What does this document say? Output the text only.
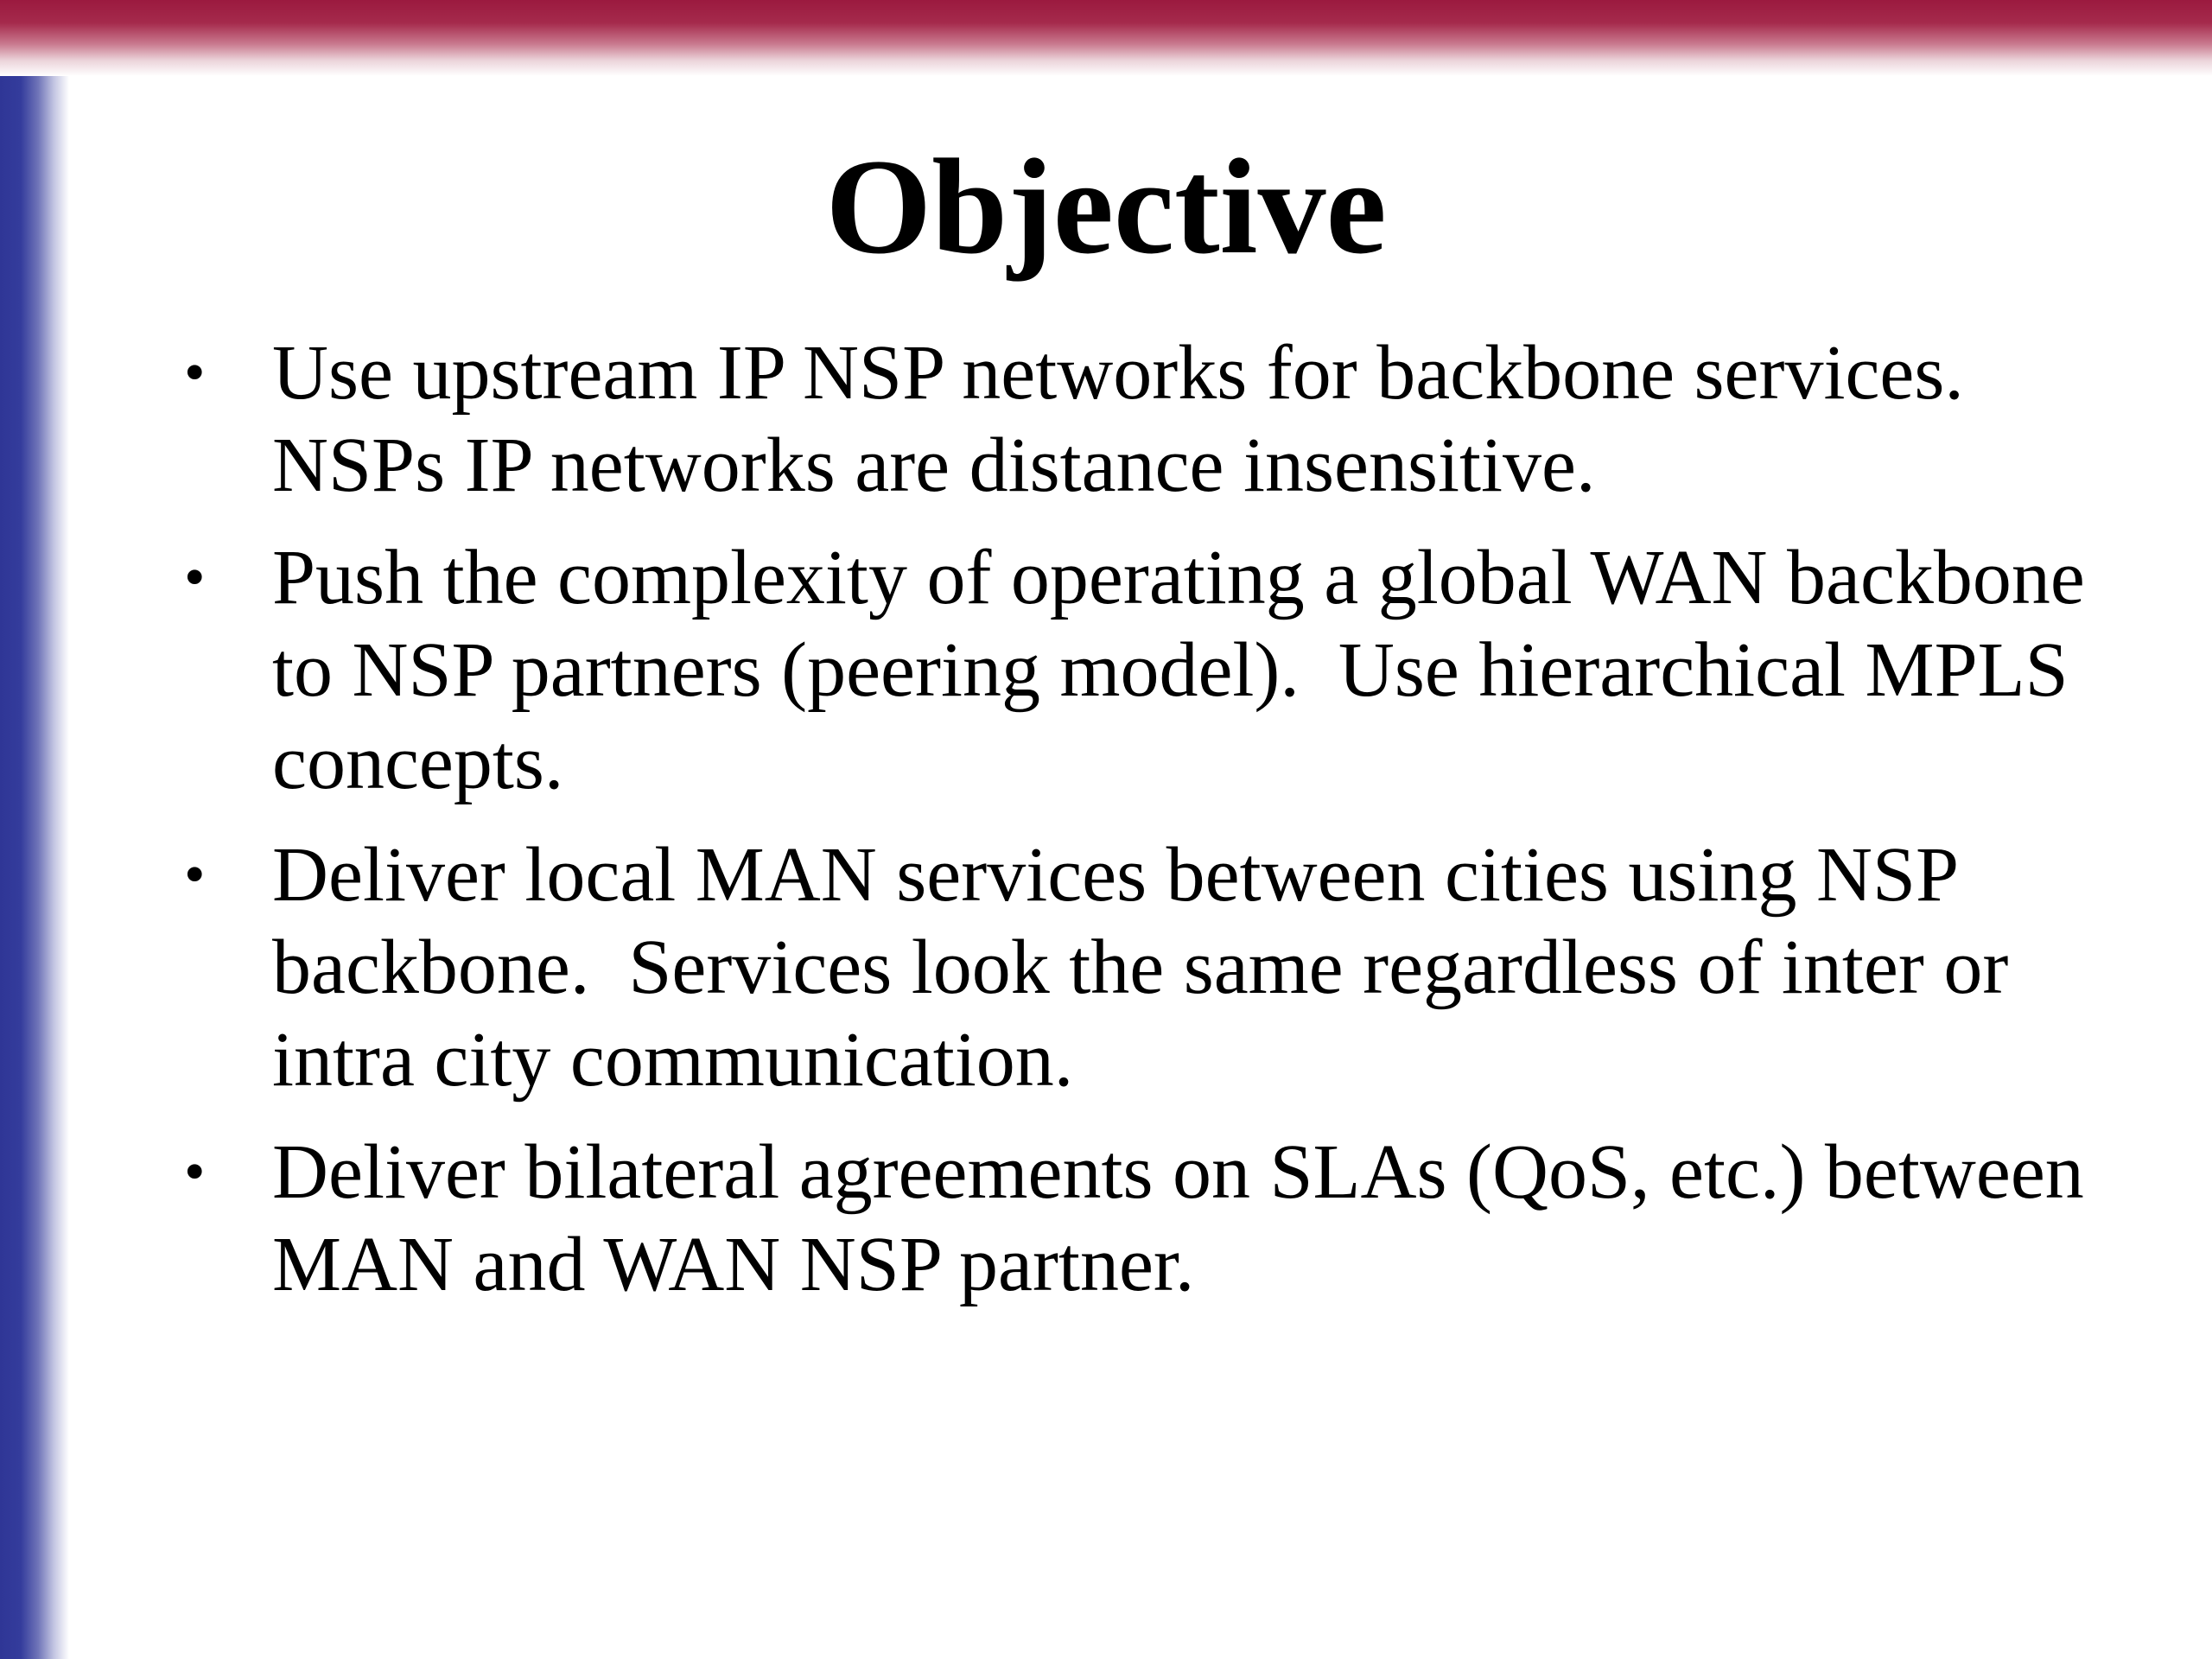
Objective
• Use upstream IP NSP networks for backbone services.  NSPs IP networks are distance insensitive.
• Push the complexity of operating a global WAN backbone to NSP partners (peering model).  Use hierarchical MPLS concepts.
• Deliver local MAN services between cities using NSP backbone.  Services look the same regardless of inter or intra city communication.
• Deliver bilateral agreements on SLAs (QoS, etc.) between MAN and WAN NSP partner.
